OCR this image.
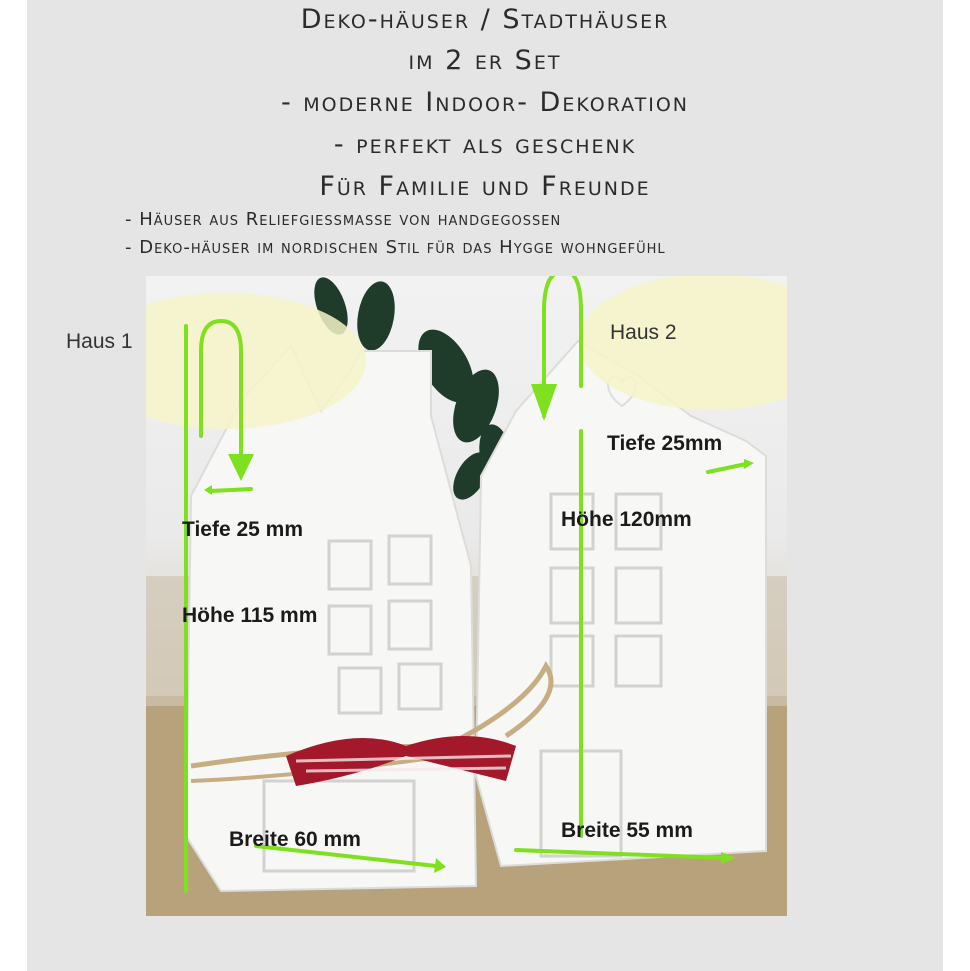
Deko-häuser / Stadthäuser
im 2 er Set
- moderne Indoor- Dekoration
- perfekt als geschenk
Für Familie und Freunde
- Häuser aus Reliefgiessmasse von handgegossen
- Deko-häuser im nordischen Stil für das Hygge wohngefühl
Haus 1	Haus 2
Tiefe 25 mm
Höhe 115 mm
Breite 60 mm
Tiefe 25mm
Höhe 120mm
Breite 55 mm
